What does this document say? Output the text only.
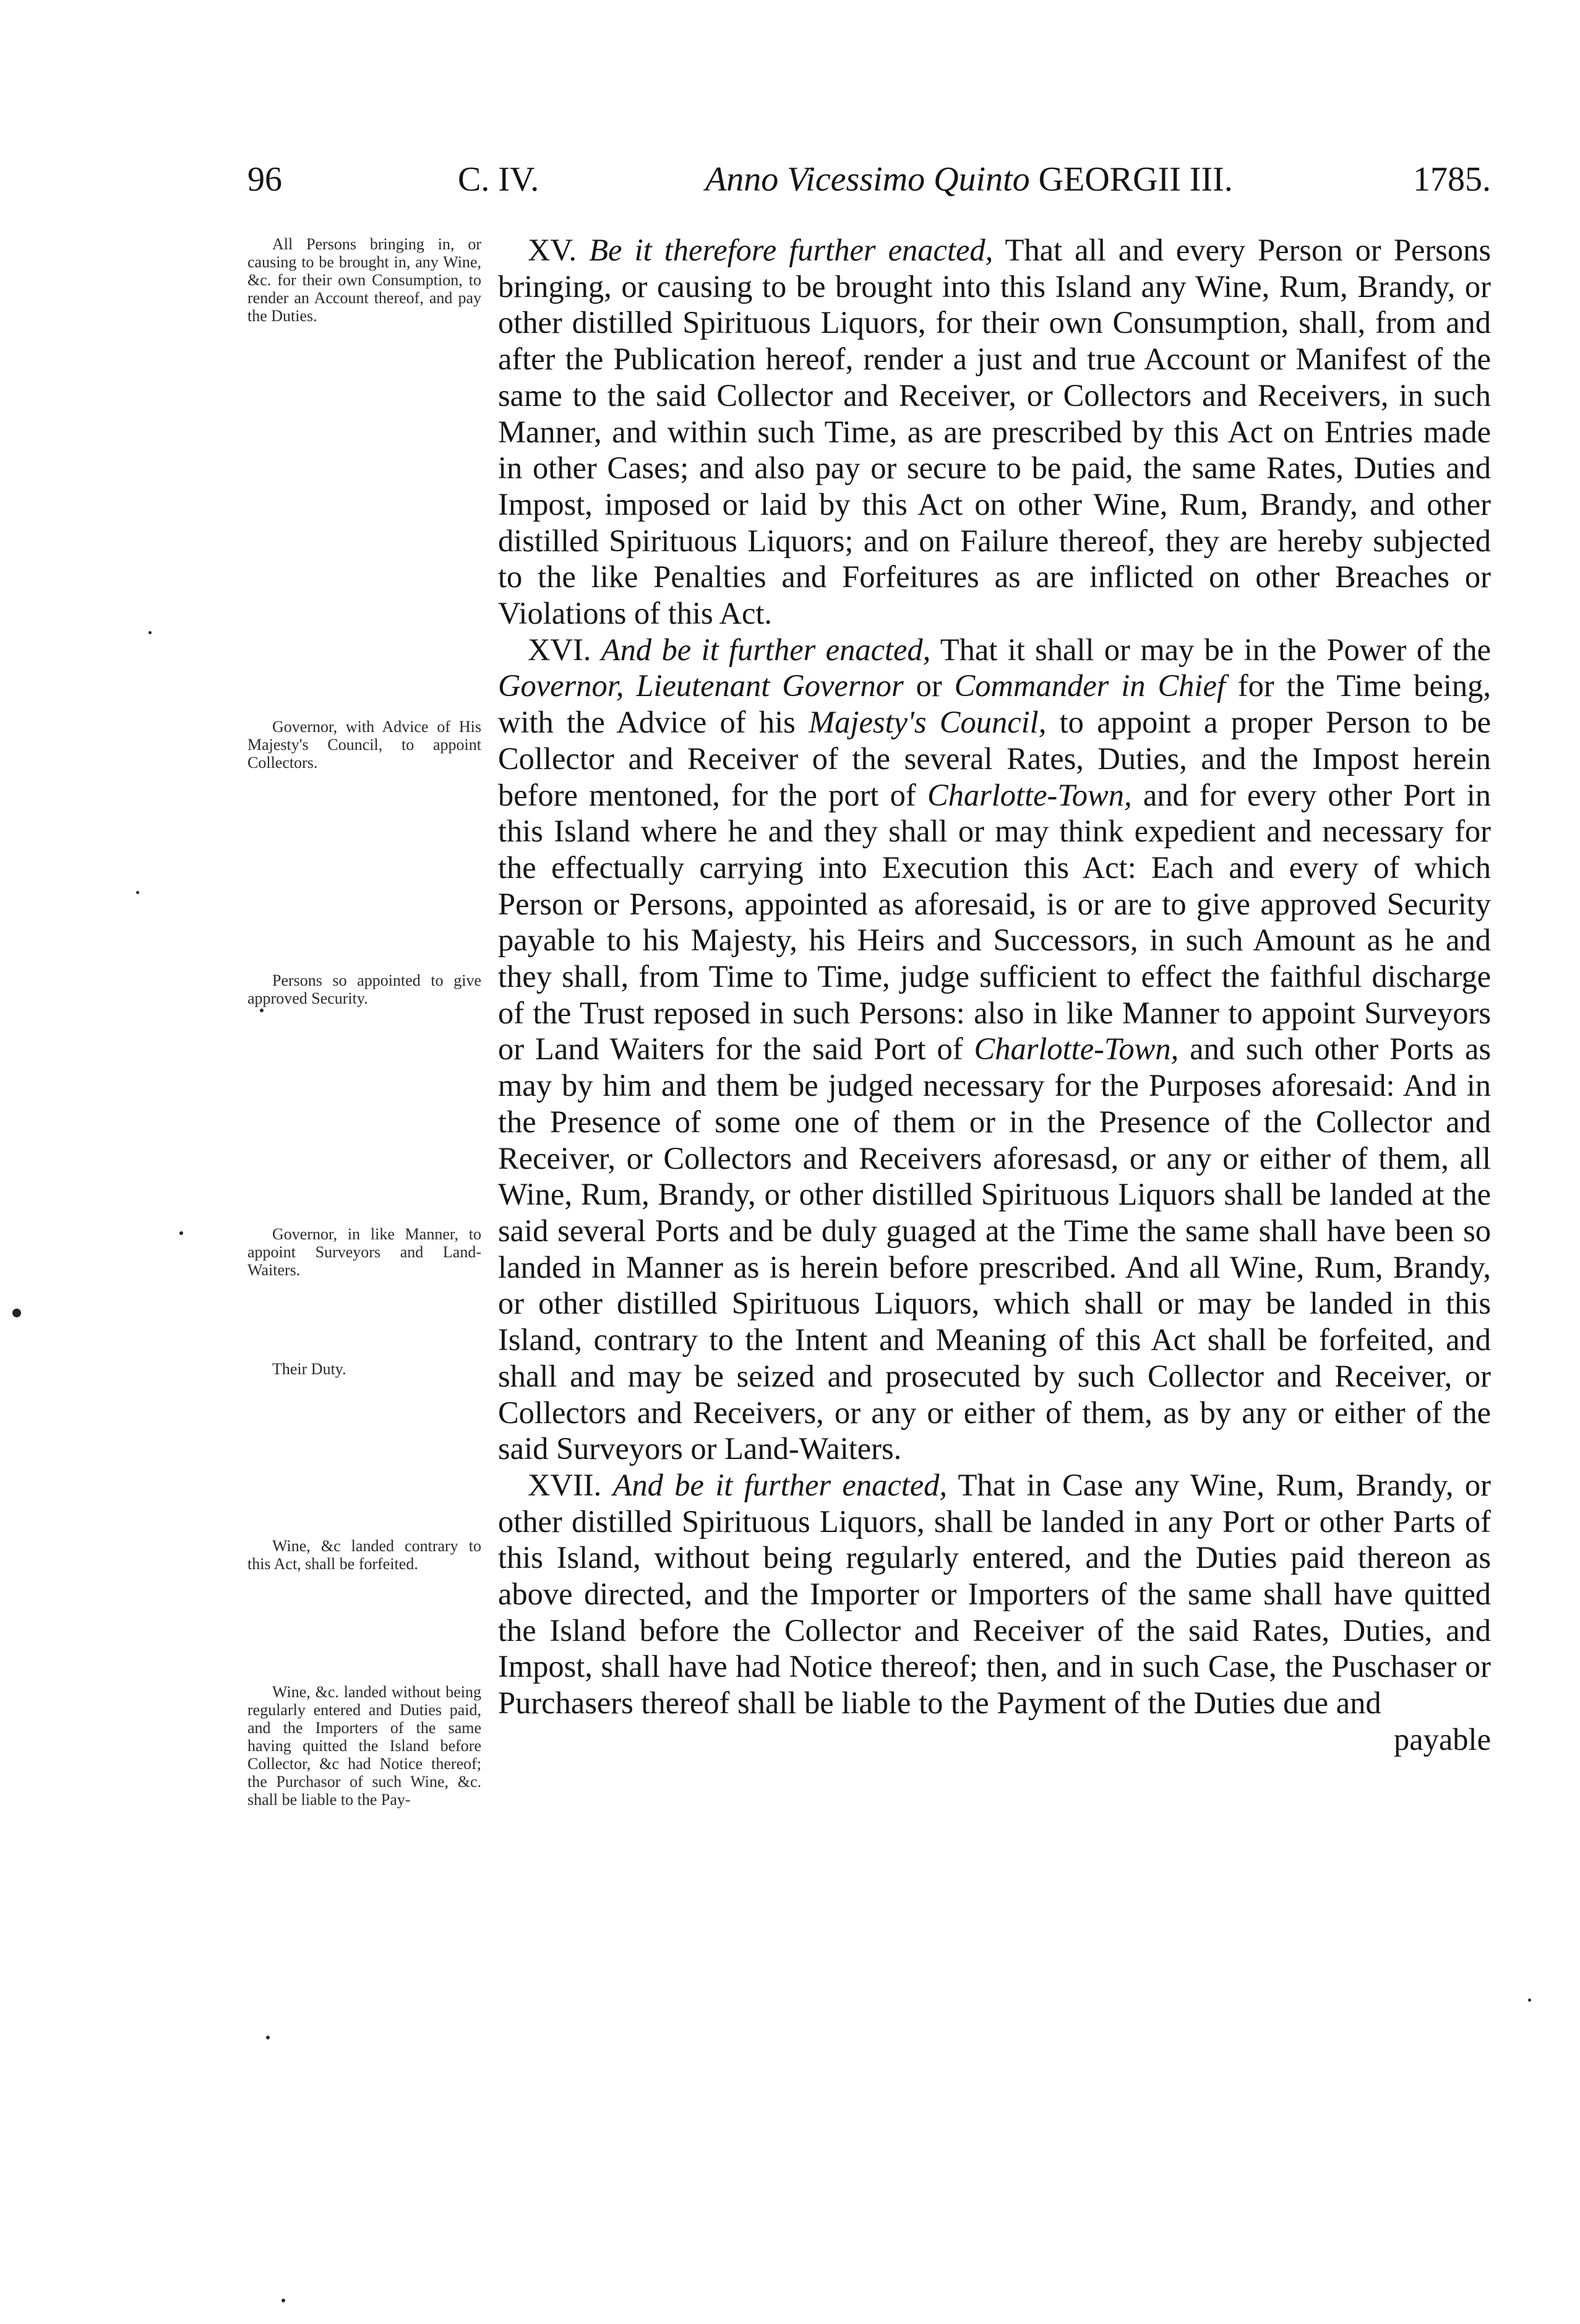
96	C. IV.	Anno Vicessimo Quinto GEORGII III.	1785.
All Persons bringing in, or causing to be brought in, any Wine, &c. for their own Consumption, to render an Account thereof, and pay the Duties.
Governor, with Advice of His Majesty's Council, to appoint Collectors.
Persons so appointed to give approved Security.
Governor, in like Manner, to appoint Surveyors and Land-Waiters.
Their Duty.
Wine, &c landed contrary to this Act, shall be forfeited.
Wine, &c. landed without being regularly entered and Duties paid, and the Importers of the same having quitted the Island before Collector, &c had Notice thereof; the Purchasor of such Wine, &c. shall be liable to the Pay-

XV. Be it therefore further enacted, That all and every Person or Persons bringing, or causing to be brought into this Island any Wine, Rum, Brandy, or other distilled Spirituous Liquors, for their own Consumption, shall, from and after the Publication hereof, render a just and true Account or Manifest of the same to the said Collector and Receiver, or Collectors and Receivers, in such Manner, and within such Time, as are prescribed by this Act on Entries made in other Cases; and also pay or secure to be paid, the same Rates, Duties and Impost, imposed or laid by this Act on other Wine, Rum, Brandy, and other distilled Spirituous Liquors; and on Failure thereof, they are hereby subjected to the like Penalties and Forfeitures as are inflicted on other Breaches or Violations of this Act.

XVI. And be it further enacted, That it shall or may be in the Power of the Governor, Lieutenant Governor or Commander in Chief for the Time being, with the Advice of his Majesty's Council, to appoint a proper Person to be Collector and Receiver of the several Rates, Duties, and the Impost herein before mentoned, for the port of Charlotte-Town, and for every other Port in this Island where he and they shall or may think expedient and necessary for the effectually carrying into Execution this Act: Each and every of which Person or Persons, appointed as aforesaid, is or are to give approved Security payable to his Majesty, his Heirs and Successors, in such Amount as he and they shall, from Time to Time, judge sufficient to effect the faithful discharge of the Trust reposed in such Persons: also in like Manner to appoint Surveyors or Land Waiters for the said Port of Charlotte-Town, and such other Ports as may by him and them be judged necessary for the Purposes aforesaid: And in the Presence of some one of them or in the Presence of the Collector and Receiver, or Collectors and Receivers aforesasd, or any or either of them, all Wine, Rum, Brandy, or other distilled Spirituous Liquors shall be landed at the said several Ports and be duly guaged at the Time the same shall have been so landed in Manner as is herein before prescribed. And all Wine, Rum, Brandy, or other distilled Spirituous Liquors, which shall or may be landed in this Island, contrary to the Intent and Meaning of this Act shall be forfeited, and shall and may be seized and prosecuted by such Collector and Receiver, or Collectors and Receivers, or any or either of them, as by any or either of the said Surveyors or Land-Waiters.

XVII. And be it further enacted, That in Case any Wine, Rum, Brandy, or other distilled Spirituous Liquors, shall be landed in any Port or other Parts of this Island, without being regularly entered, and the Duties paid thereon as above directed, and the Importer or Importers of the same shall have quitted the Island before the Collector and Receiver of the said Rates, Duties, and Impost, shall have had Notice thereof; then, and in such Case, the Puschaser or Purchasers thereof shall be liable to the Payment of the Duties due and

payable
